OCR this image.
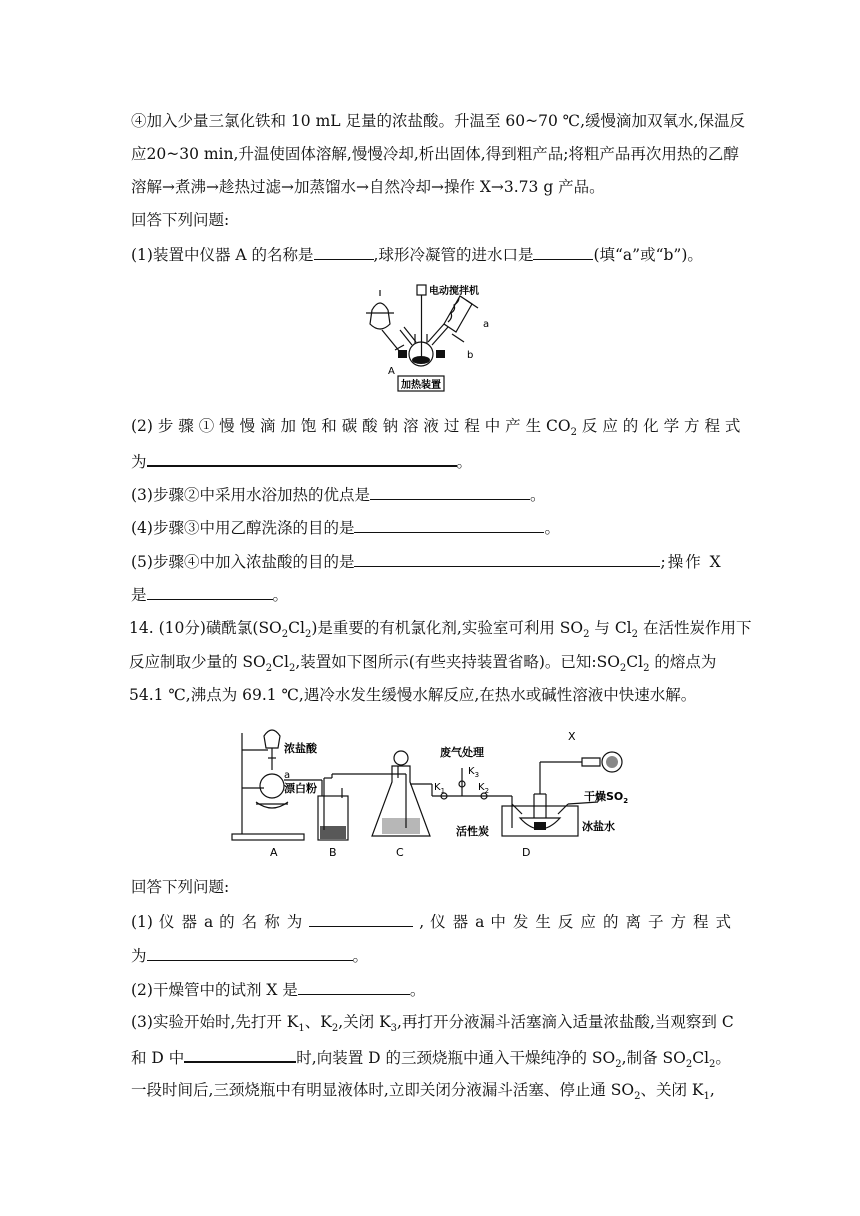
④加入少量三氯化铁和 10 mL 足量的浓盐酸。升温至 60~70 ℃,缓慢滴加双氧水,保温反
应20~30 min,升温使固体溶解,慢慢冷却,析出固体,得到粗产品;将粗产品再次用热的乙醇
溶解→煮沸→趁热过滤→加蒸馏水→自然冷却→操作 X→3.73 g 产品。
回答下列问题:
(1)装置中仪器 A 的名称是	,球形冷凝管的进水口是	(填“a”或“b”)。
电动搅拌机
a
b
A
加热装置
(2) 步 骤 ① 慢 慢 滴 加 饱 和 碳 酸 钠 溶 液 过 程 中 产 生 $CO_2$ 反 应 的 化 学 方 程 式
为	。
(3)步骤②中采用水浴加热的优点是	。
(4)步骤③中用乙醇洗涤的目的是	。
(5)步骤④中加入浓盐酸的目的是	;操作 X
是	。
14. (10分)磺酰氯$(SO_2Cl_2)$是重要的有机氯化剂,实验室可利用 $SO_2$ 与 $Cl_2$ 在活性炭作用下
反应制取少量的 $SO_2Cl_2$,装置如下图所示(有些夹持装置省略)。已知$:SO_2Cl_2$ 的熔点为
54.1 ℃,沸点为 69.1 ℃,遇冷水发生缓慢水解反应,在热水或碱性溶液中快速水解。
浓盐酸
a
漂白粉
废气处理
$K_3$
$K_1$	$K_2$
X
干燥$SO_2$
活性炭	冰盐水
A	B	C	D
回答下列问题:
(1) 仪 器 a 的 名 称 为	, 仪 器 a 中 发 生 反 应 的 离 子 方 程 式
为	。
(2)干燥管中的试剂 X 是	。
(3)实验开始时,先打开 $K_1$、$K_2$,关闭 $K_3$,再打开分液漏斗活塞滴入适量浓盐酸,当观察到 C
和 D 中	时,向装置 D 的三颈烧瓶中通入干燥纯净的 $SO_2$,制备 $SO_2Cl_2$。
一段时间后,三颈烧瓶中有明显液体时,立即关闭分液漏斗活塞、停止通 $SO_2$、关闭 $K_1$,
